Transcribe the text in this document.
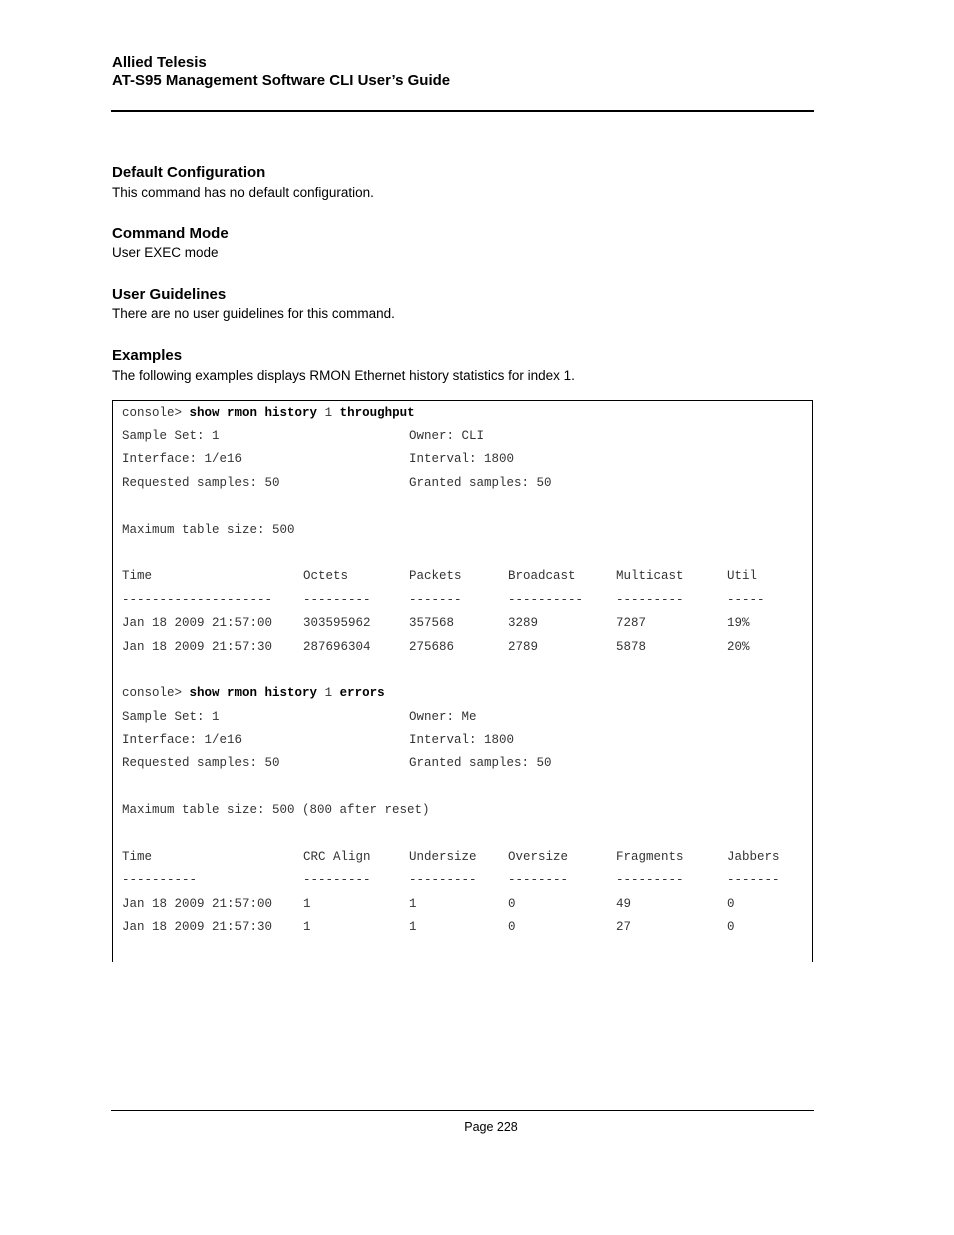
Allied Telesis
AT-S95 Management Software CLI User’s Guide
Default Configuration
This command has no default configuration.
Command Mode
User EXEC mode
User Guidelines
There are no user guidelines for this command.
Examples
The following examples displays RMON Ethernet history statistics for index 1.
console> show rmon history 1 throughput
Sample Set: 1	Owner: CLI
Interface: 1/e16	Interval: 1800
Requested samples: 50	Granted samples: 50
Maximum table size: 500
Time	Octets	Packets	Broadcast	Multicast	Util
-------------------- ---------	-------	----------	---------	-----
Jan 18 2009 21:57:00 303595962	357568	3289	7287	19%
Jan 18 2009 21:57:30 287696304	275686	2789	5878	20%
console> show rmon history 1 errors
Sample Set: 1	Owner: Me
Interface: 1/e16	Interval: 1800
Requested samples: 50	Granted samples: 50
Maximum table size: 500 (800 after reset)
Time	CRC Align	Undersize	Oversize	Fragments	Jabbers
----------	---------	---------	--------	---------	-------
Jan 18 2009 21:57:00 1	1	0	49	0
Jan 18 2009 21:57:30 1	1	0	27	0
Page 228
